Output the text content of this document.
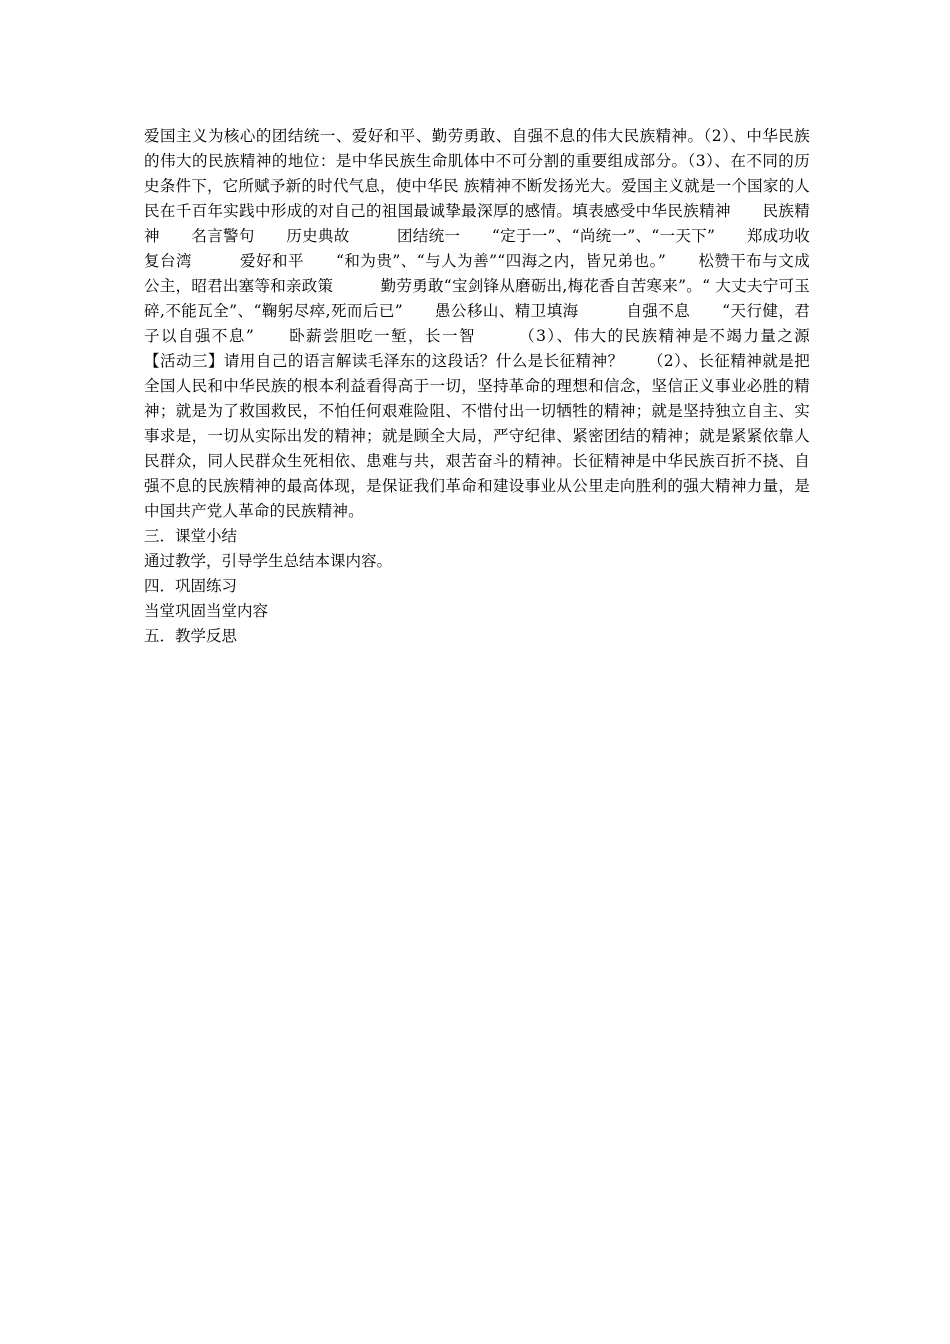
爱国主义为核心的团结统一、爱好和平、勤劳勇敢、自强不息的伟大民族精神。（2）、中华民族的伟大的民族精神的地位：是中华民族生命肌体中不可分割的重要组成部分。（3）、在不同的历史条件下，它所赋予新的时代气息，使中华民 族精神不断发扬光大。爱国主义就是一个国家的人民在千百年实践中形成的对自己的祖国最诚挚最深厚的感情。填表感受中华民族精神　　民族精神　　名言警句　　历史典故　　　团结统一　　“定于一”、“尚统一”、“一天下”　　郑成功收复台湾　　　爱好和平　　“和为贵”、“与人为善”“四海之内，皆兄弟也。”　　松赞干布与文成公主，昭君出塞等和亲政策　　　勤劳勇敢“宝剑锋从磨砺出,梅花香自苦寒来”。“ 大丈夫宁可玉碎,不能瓦全”、“鞠躬尽瘁,死而后已”　　愚公移山、精卫填海　　　自强不息　　“天行健，君子以自强不息”　　卧薪尝胆吃一堑，长一智　　　（3）、伟大的民族精神是不竭力量之源　　【活动三】请用自己的语言解读毛泽东的这段话？什么是长征精神？　　（2）、长征精神就是把全国人民和中华民族的根本利益看得高于一切，坚持革命的理想和信念，坚信正义事业必胜的精神；就是为了救国救民，不怕任何艰难险阻、不惜付出一切牺牲的精神；就是坚持独立自主、实事求是，一切从实际出发的精神；就是顾全大局，严守纪律、紧密团结的精神；就是紧紧依靠人民群众，同人民群众生死相依、患难与共，艰苦奋斗的精神。长征精神是中华民族百折不挠、自强不息的民族精神的最高体现，是保证我们革命和建设事业从公里走向胜利的强大精神力量，是中国共产党人革命的民族精神。

三．课堂小结

通过教学，引导学生总结本课内容。

四．巩固练习

当堂巩固当堂内容

五．教学反思
